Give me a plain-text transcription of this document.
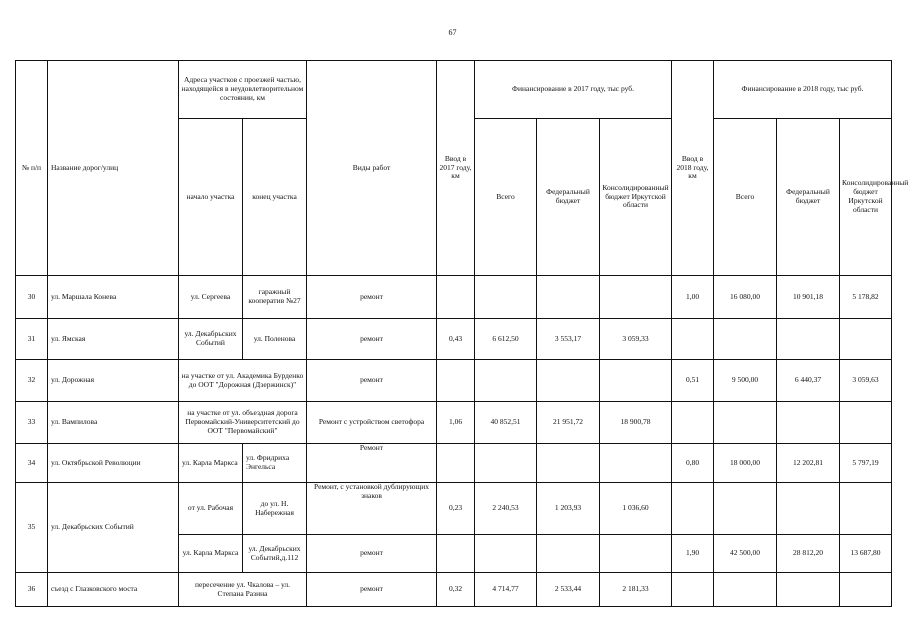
67
№ п/п	Название дорог/улиц	Адреса участков с проезжей частью, находящейся в неудовлетворительном состоянии, км		Виды работ	Ввод в 2017 году, км	Финансирование в 2017 году, тыс руб.			Ввод в 2018 году, км	Финансирование в 2018 году, тыс руб.		
		начало участка	конец участка			Всего	Федеральный бюджет	Консолидированный бюджет Иркутской области		Всего	Федеральный бюджет	Консолидированный бюджет Иркутской области
30	ул. Маршала Конева	ул. Сергеева	гаражный кооператив №27	ремонт					1,00	16 080,00	10 901,18	5 178,82
31	ул. Ямская	ул. Декабрьских Событий	ул. Поленова	ремонт	0,43	6 612,50	3 553,17	3 059,33				
32	ул. Дорожная	на участке от ул. Академика Бурденко до ООТ "Дорожная (Дзержинск)"		ремонт					0,51	9 500,00	6 440,37	3 059,63
33	ул. Вампилова	на участке от ул. объездная дорога Первомайский-Университетский до ООТ "Первомайский"		Ремонт с устройством светофора	1,06	40 852,51	21 951,72	18 900,78				
34	ул. Октябрьской Революции	ул. Карла Маркса	ул. Фридриха Энгельса	Ремонт					0,80	18 000,00	12 202,81	5 797,19
35	ул. Декабрьских Событий	от ул. Рабочая	до ул. Н. Набережная	Ремонт, с установкой дублирующих знаков	0,23	2 240,53	1 203,93	1 036,60				
		ул. Карла Маркса	ул. Декабрьских Событий,д.112	ремонт					1,90	42 500,00	28 812,20	13 687,80
36	съезд с Глазковского моста	пересечение ул. Чкалова – ул. Степана Разина		ремонт	0,32	4 714,77	2 533,44	2 181,33				
